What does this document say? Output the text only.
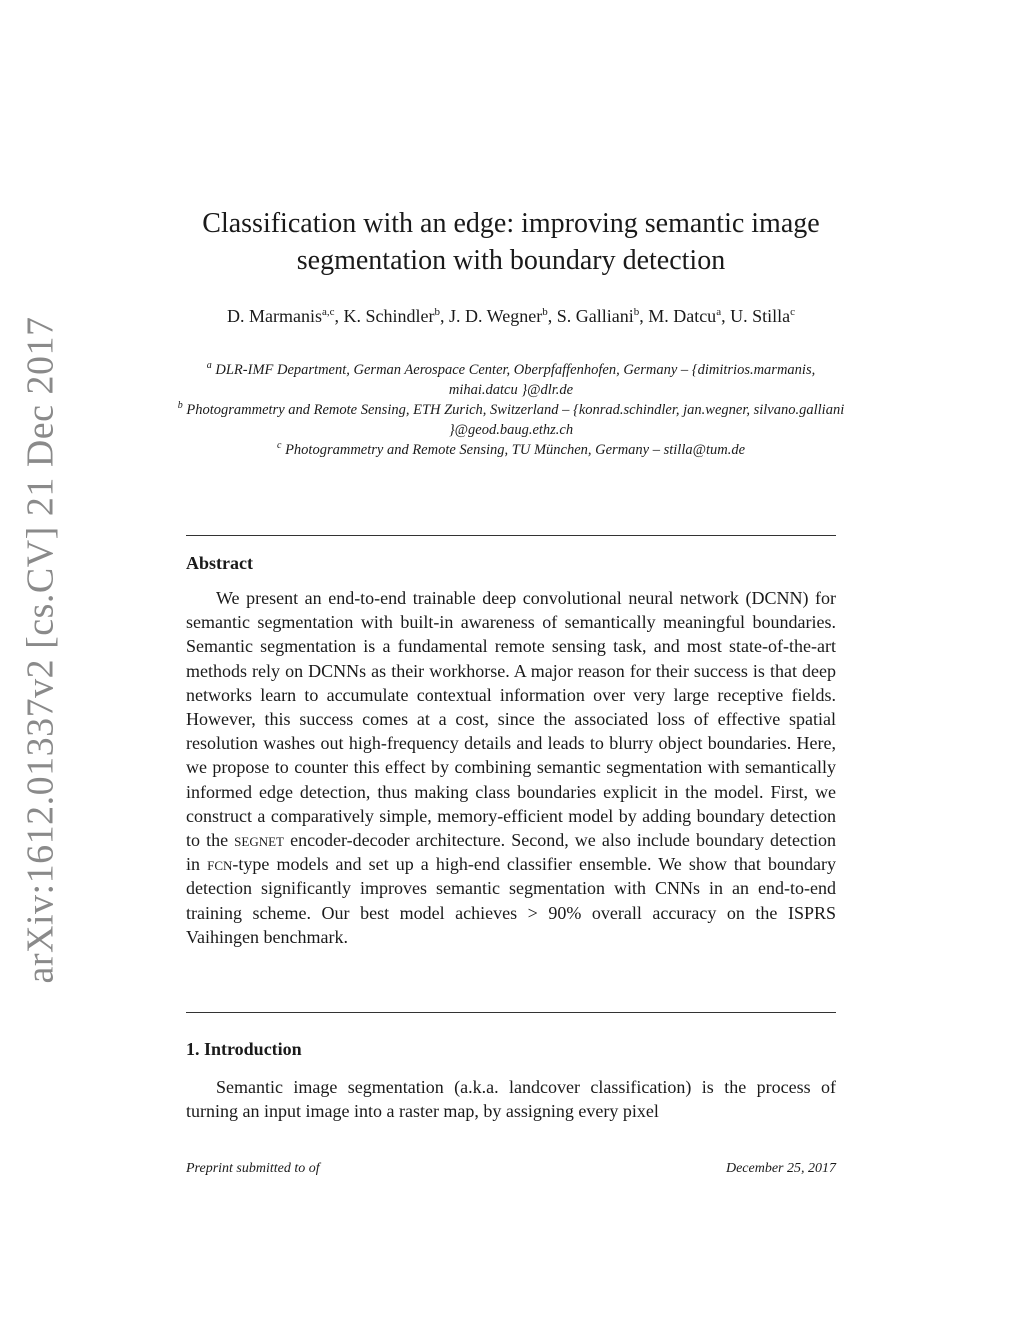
arXiv:1612.01337v2 [cs.CV] 21 Dec 2017
Classification with an edge: improving semantic image
segmentation with boundary detection
D. Marmanis$^{a,c}$, K. Schindler$^b$, J. D. Wegner$^b$, S. Galliani$^b$, M. Datcu$^a$, U. Stilla$^c$
$^a$ DLR-IMF Department, German Aerospace Center, Oberpfaffenhofen, Germany – {dimitrios.marmanis, mihai.datcu }@dlr.de
$^b$ Photogrammetry and Remote Sensing, ETH Zurich, Switzerland – {konrad.schindler, jan.wegner, silvano.galliani }@geod.baug.ethz.ch
$^c$ Photogrammetry and Remote Sensing, TU München, Germany – stilla@tum.de
Abstract
We present an end-to-end trainable deep convolutional neural network (DCNN) for semantic segmentation with built-in awareness of semantically meaningful boundaries. Semantic segmentation is a fundamental remote sensing task, and most state-of-the-art methods rely on DCNNs as their workhorse. A major reason for their success is that deep networks learn to accumulate contextual information over very large receptive fields. However, this success comes at a cost, since the associated loss of effective spatial resolution washes out high-frequency details and leads to blurry object boundaries. Here, we propose to counter this effect by combining semantic segmentation with semantically informed edge detection, thus making class boundaries explicit in the model. First, we construct a comparatively simple, memory-efficient model by adding boundary detection to the segnet encoder-decoder architecture. Second, we also include boundary detection in fcn-type models and set up a high-end classifier ensemble. We show that boundary detection significantly improves semantic segmentation with CNNs in an end-to-end training scheme. Our best model achieves > 90% overall accuracy on the ISPRS Vaihingen benchmark.
1. Introduction
Semantic image segmentation (a.k.a. landcover classification) is the process of turning an input image into a raster map, by assigning every pixel
Preprint submitted to of	December 25, 2017
